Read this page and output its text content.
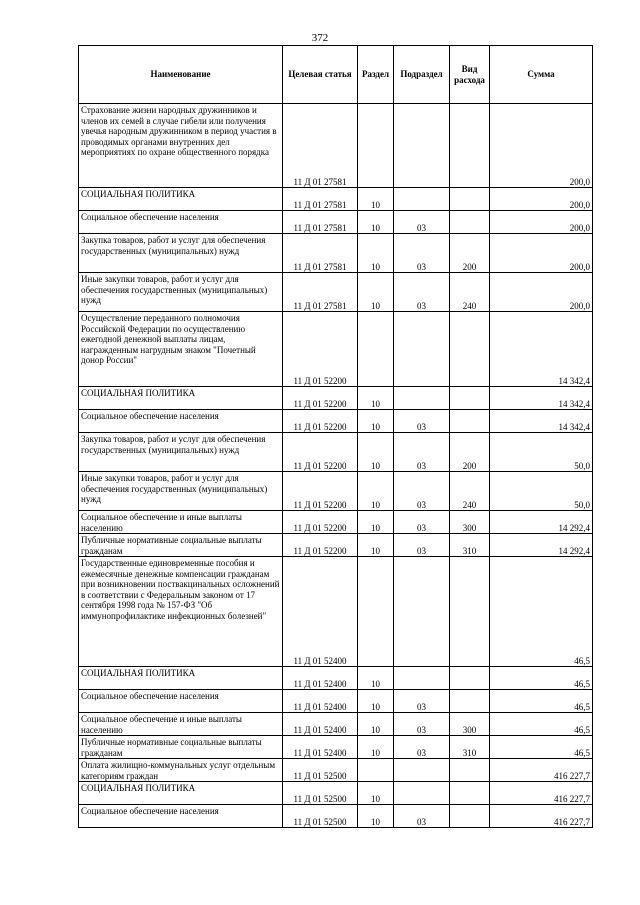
372
Наименование	Целевая статья	Раздел	Подраздел	Вид расхода	Сумма
Страхование жизни народных дружинников и членов их семей в случае гибели или получения увечья народным дружинником в период участия в проводимых органами внутренних дел мероприятиях по охране общественного порядка	11 Д 01 27581				200,0
СОЦИАЛЬНАЯ ПОЛИТИКА	11 Д 01 27581	10			200,0
Социальное обеспечение населения	11 Д 01 27581	10	03		200,0
Закупка товаров, работ и услуг для обеспечения государственных (муниципальных) нужд	11 Д 01 27581	10	03	200	200,0
Иные закупки товаров, работ и услуг для обеспечения государственных (муниципальных) нужд	11 Д 01 27581	10	03	240	200,0
Осуществление переданного полномочия Российской Федерации по осуществлению ежегодной денежной выплаты лицам, награжденным нагрудным знаком "Почетный донор России"	11 Д 01 52200				14 342,4
СОЦИАЛЬНАЯ ПОЛИТИКА	11 Д 01 52200	10			14 342,4
Социальное обеспечение населения	11 Д 01 52200	10	03		14 342,4
Закупка товаров, работ и услуг для обеспечения государственных (муниципальных) нужд	11 Д 01 52200	10	03	200	50,0
Иные закупки товаров, работ и услуг для обеспечения государственных (муниципальных) нужд	11 Д 01 52200	10	03	240	50,0
Социальное обеспечение и иные выплаты населению	11 Д 01 52200	10	03	300	14 292,4
Публичные нормативные социальные выплаты гражданам	11 Д 01 52200	10	03	310	14 292,4
Государственные единовременные пособия и ежемесячные денежные компенсации гражданам при возникновении поствакцинальных осложнений в соответствии с Федеральным законом от 17 сентября 1998 года № 157-ФЗ "Об иммунопрофилактике инфекционных болезней"	11 Д 01 52400				46,5
СОЦИАЛЬНАЯ ПОЛИТИКА	11 Д 01 52400	10			46,5
Социальное обеспечение населения	11 Д 01 52400	10	03		46,5
Социальное обеспечение и иные выплаты населению	11 Д 01 52400	10	03	300	46,5
Публичные нормативные социальные выплаты гражданам	11 Д 01 52400	10	03	310	46,5
Оплата жилищно-коммунальных услуг отдельным категориям граждан	11 Д 01 52500				416 227,7
СОЦИАЛЬНАЯ ПОЛИТИКА	11 Д 01 52500	10			416 227,7
Социальное обеспечение населения	11 Д 01 52500	10	03		416 227,7
